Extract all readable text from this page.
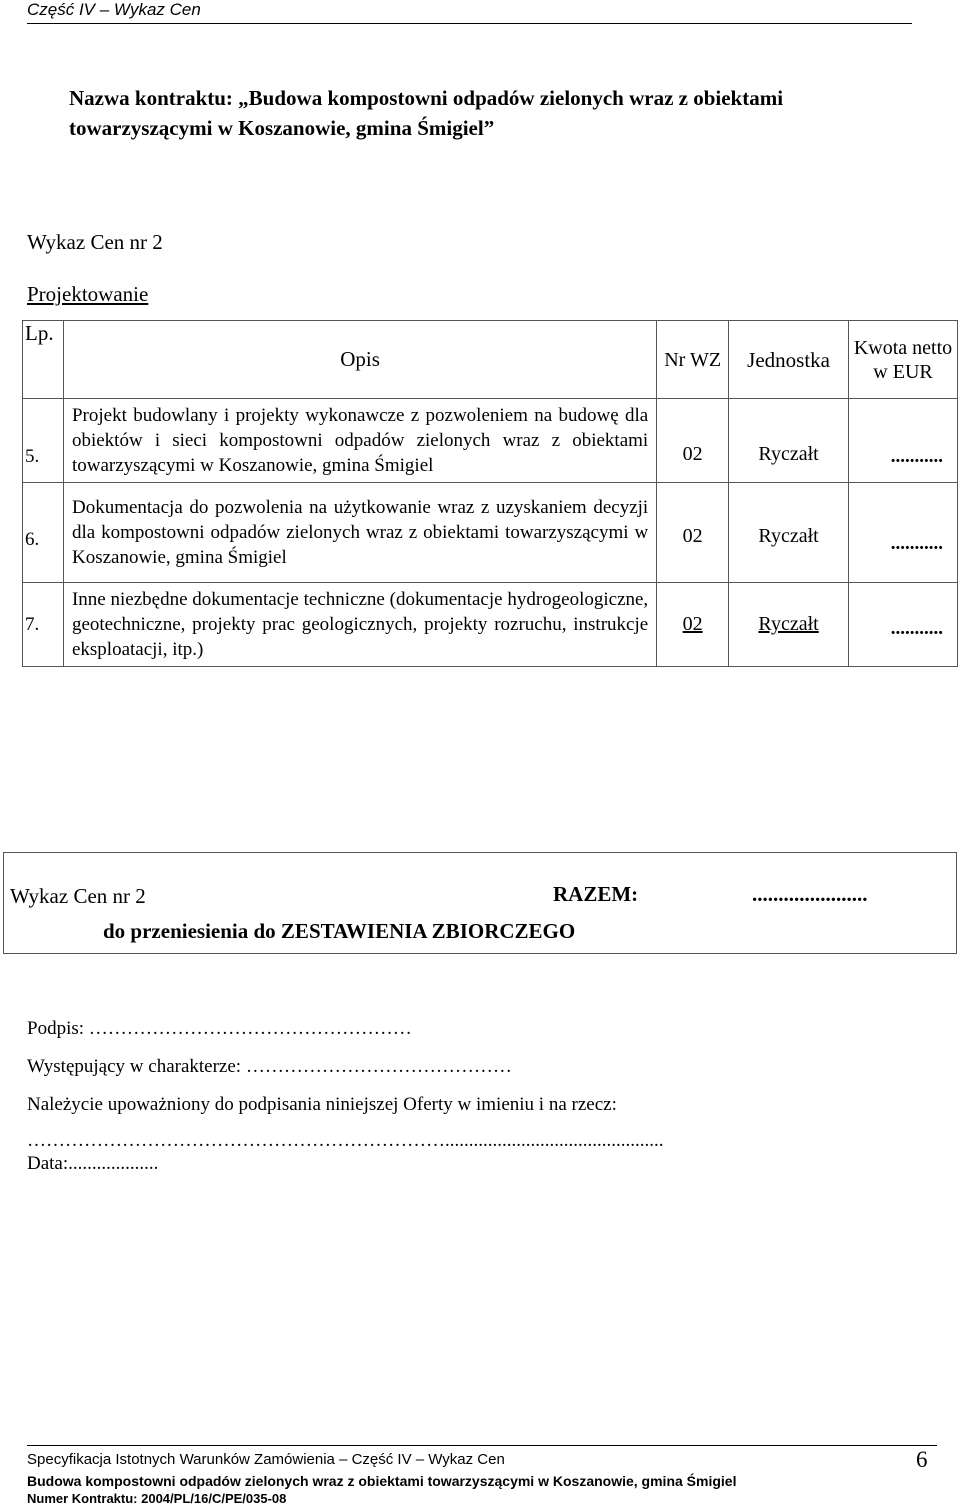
Część IV – Wykaz Cen
Nazwa kontraktu: „Budowa kompostowni odpadów zielonych wraz z obiektami towarzyszącymi w Koszanowie, gmina Śmigiel”
Wykaz Cen nr 2
Projektowanie
Lp.	Opis	Nr WZ	Jednostka	Kwota netto w EUR
5.	Projekt budowlany i projekty wykonawcze z pozwoleniem na budowę dla obiektów i sieci kompostowni odpadów zielonych wraz z obiektami towarzyszącymi w Koszanowie, gmina Śmigiel	02	Ryczałt	...........
6.	Dokumentacja do pozwolenia na użytkowanie wraz z uzyskaniem decyzji dla kompostowni odpadów zielonych wraz z obiektami towarzyszącymi w Koszanowie, gmina Śmigiel	02	Ryczałt	...........
7.	Inne niezbędne dokumentacje techniczne (dokumentacje hydrogeologiczne, geotechniczne, projekty prac geologicznych, projekty rozruchu, instrukcje eksploatacji, itp.)	02	Ryczałt	...........
Wykaz Cen nr 2	RAZEM:	......................
do przeniesienia do ZESTAWIENIA ZBIORCZEGO
Podpis: ……………………………………………
Występujący w charakterze: ……………………………………
Należycie upoważniony do podpisania niniejszej Oferty w imieniu i na rzecz:
…………………………………………………………..............................................
Data:...................
Specyfikacja Istotnych Warunków Zamówienia – Część IV – Wykaz Cen	6
Budowa kompostowni odpadów zielonych wraz z obiektami towarzyszącymi w Koszanowie, gmina Śmigiel
Numer Kontraktu: 2004/PL/16/C/PE/035-08
